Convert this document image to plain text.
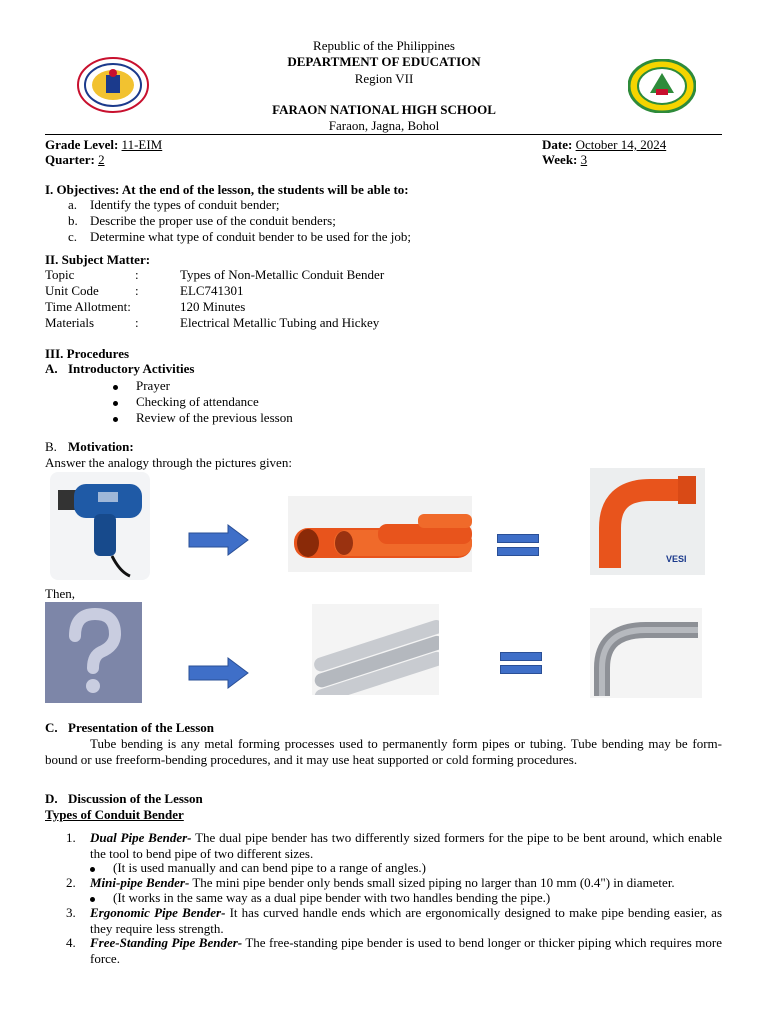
Republic of the Philippines
DEPARTMENT OF EDUCATION
Region VII
FARAON NATIONAL HIGH SCHOOL
Faraon, Jagna, Bohol
Grade Level: 11-EIM
Quarter: 2
Date: October 14, 2024
Week: 3
I. Objectives: At the end of the lesson, the students will be able to:
a. Identify the types of conduit bender;
b. Describe the proper use of the conduit benders;
c. Determine what type of conduit bender to be used for the job;
II. Subject Matter:
Topic	:	Types of Non-Metallic Conduit Bender
Unit Code	:	ELC741301
Time Allotment:	120 Minutes
Materials	:	Electrical Metallic Tubing and Hickey
III. Procedures
A. Introductory Activities
Prayer
Checking of attendance
Review of the previous lesson
B. Motivation:
Answer the analogy through the pictures given:
VESI
Then,
C. Presentation of the Lesson
Tube bending is any metal forming processes used to permanently form pipes or tubing. Tube bending may be form-bound or use freeform-bending procedures, and it may use heat supported or cold forming procedures.
D. Discussion of the Lesson
Types of Conduit Bender
1. Dual Pipe Bender- The dual pipe bender has two differently sized formers for the pipe to be bent around, which enable the tool to bend pipe of two different sizes.
(It is used manually and can bend pipe to a range of angles.)
2. Mini-pipe Bender- The mini pipe bender only bends small sized piping no larger than 10 mm (0.4") in diameter.
(It works in the same way as a dual pipe bender with two handles bending the pipe.)
3. Ergonomic Pipe Bender- It has curved handle ends which are ergonomically designed to make pipe bending easier, as they require less strength.
4. Free-Standing Pipe Bender- The free-standing pipe bender is used to bend longer or thicker piping which requires more force.
